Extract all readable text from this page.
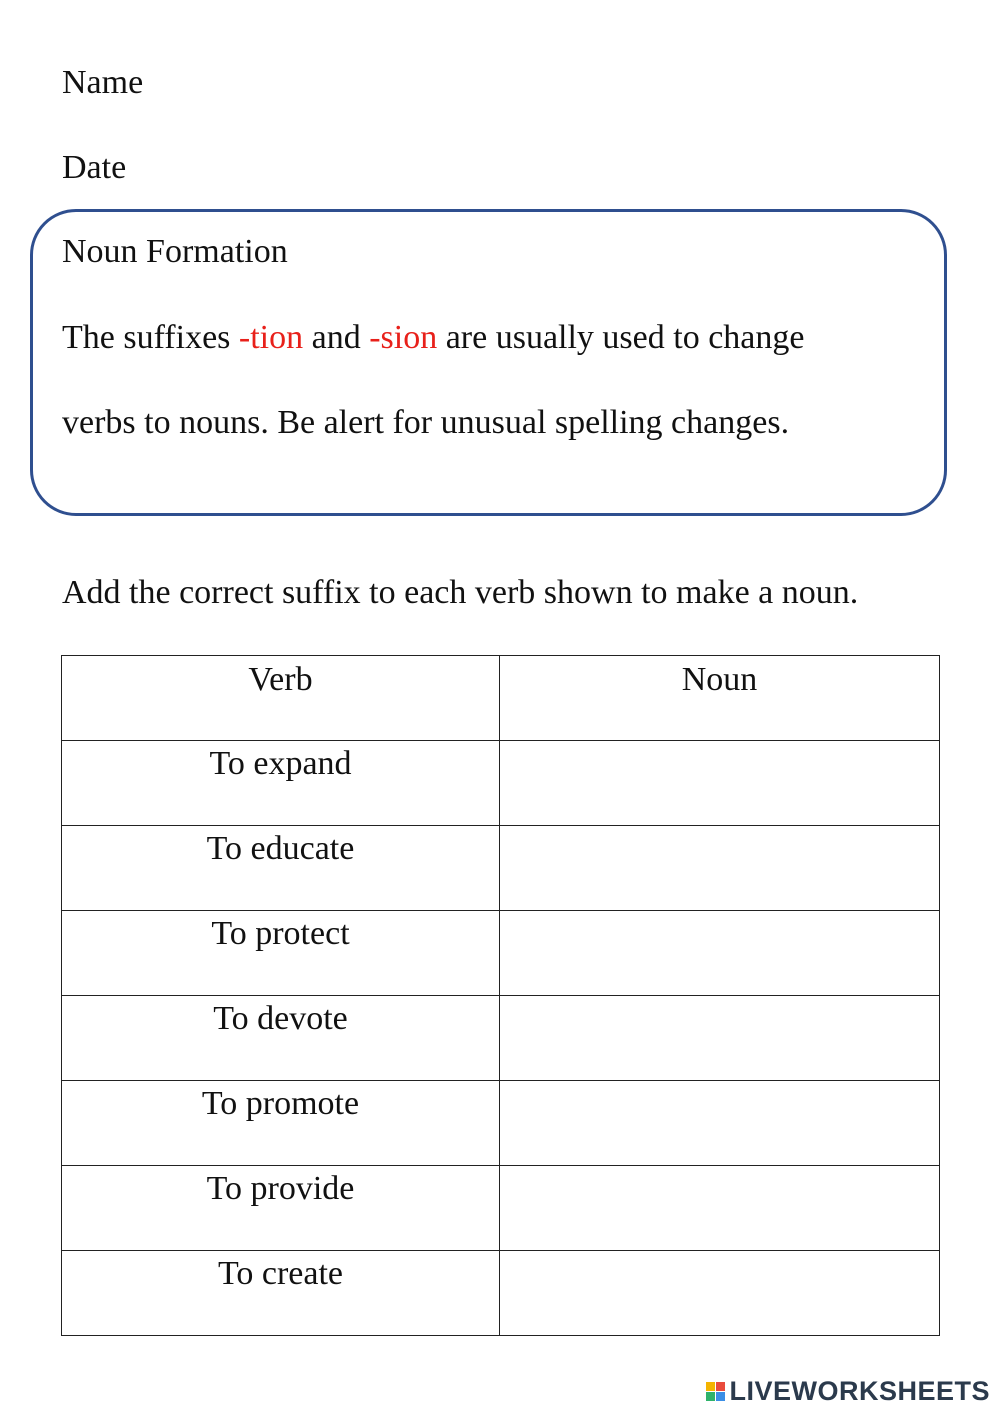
Name

Date

Noun Formation

The suffixes -tion and -sion are usually used to change

verbs to nouns. Be alert for unusual spelling changes.

Add the correct suffix to each verb shown to make a noun.

Verb	Noun
To expand	
To educate	
To protect	
To devote	
To promote	
To provide	
To create	
LIVEWORKSHEETS
